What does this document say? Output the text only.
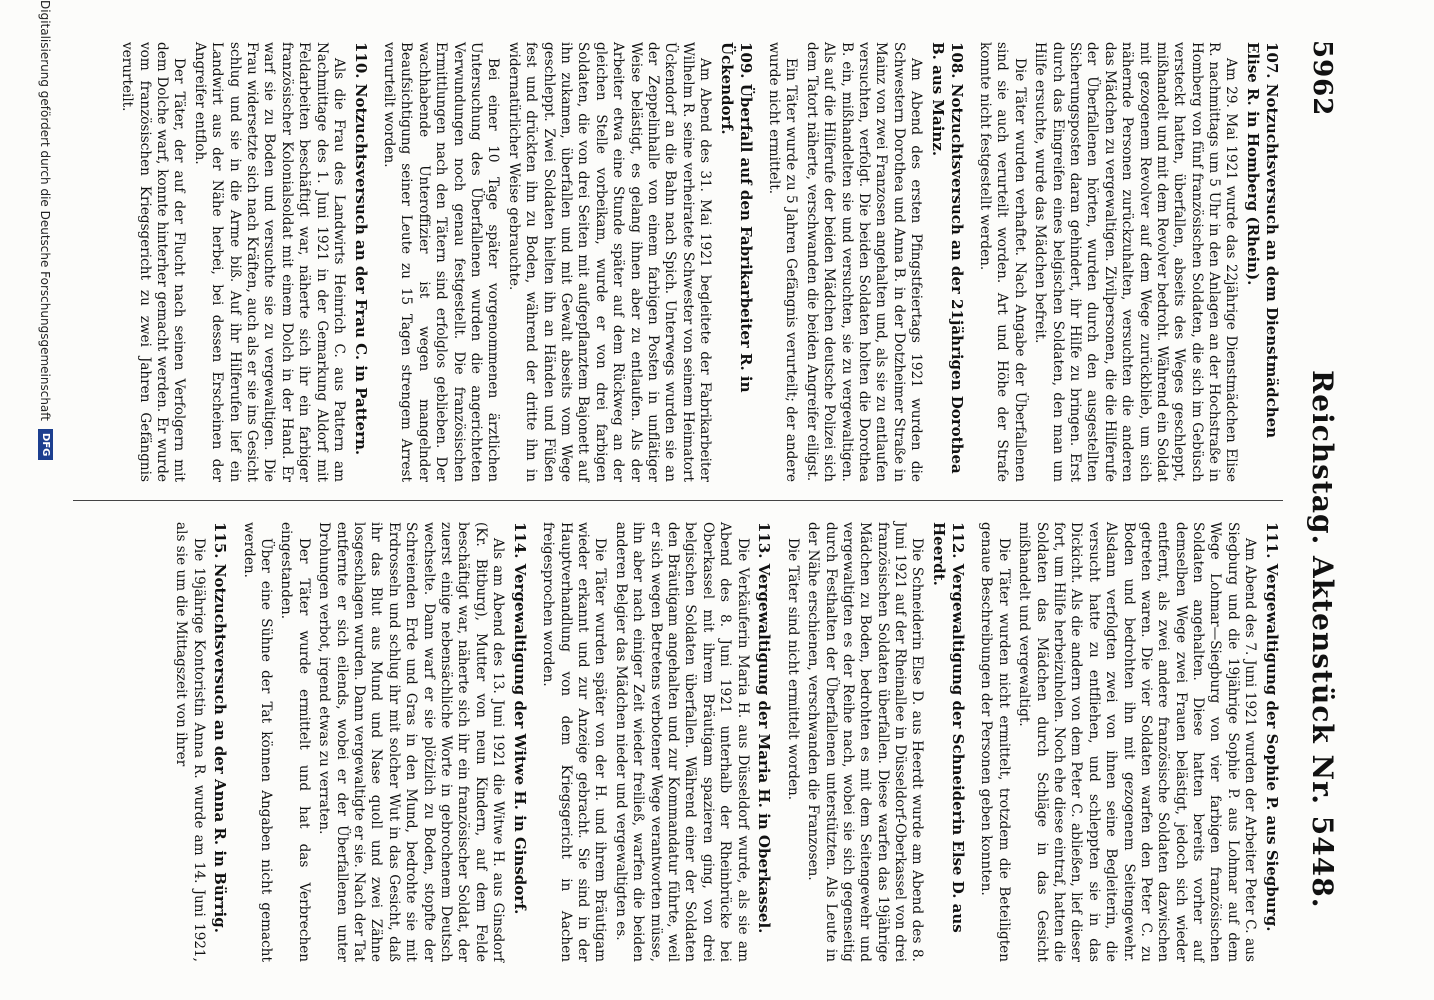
5962
Reichstag. Aktenstück Nr. 5448.
107. Notzuchtsversuch an dem Dienstmädchen Elise R. in Homberg (Rhein).

Am 29. Mai 1921 wurde das 22jährige Dienstmädchen Elise R. nachmittags um 5 Uhr in den Anlagen an der Hochstraße in Homberg von fünf französischen Soldaten, die sich im Gebüsch versteckt hatten, überfallen, abseits des Weges geschleppt, mißhandelt und mit dem Revolver bedroht. Während ein Soldat mit gezogenem Revolver auf dem Wege zurückblieb, um sich nähernde Personen zurückzuhalten, versuchten die anderen das Mädchen zu vergewaltigen. Zivilpersonen, die die Hilferufe der Überfallenen hörten, wurden durch den ausgestellten Sicherungsposten daran gehindert, ihr Hilfe zu bringen. Erst durch das Eingreifen eines belgischen Soldaten, den man um Hilfe ersuchte, wurde das Mädchen befreit.

Die Täter wurden verhaftet. Nach Angabe der Überfallenen sind sie auch verurteilt worden. Art und Höhe der Strafe konnte nicht festgestellt werden.

108. Notzuchtsversuch an der 21jährigen Dorothea B. aus Mainz.

Am Abend des ersten Pfingstfeiertags 1921 wurden die Schwestern Dorothea und Anna B. in der Dotzheimer Straße in Mainz von zwei Franzosen angehalten und, als sie zu entlaufen versuchten, verfolgt. Die beiden Soldaten holten die Dorothea B. ein, mißhandelten sie und versuchten, sie zu vergewaltigen. Als auf die Hilferufe der beiden Mädchen deutsche Polizei sich dem Tatort näherte, verschwanden die beiden Angreifer eiligst.

Ein Täter wurde zu 5 Jahren Gefängnis verurteilt; der andere wurde nicht ermittelt.

109. Überfall auf den Fabrikarbeiter R. in Ückendorf.

Am Abend des 31. Mai 1921 begleitete der Fabrikarbeiter Wilhelm R. seine verheiratete Schwester von seinem Heimatort Ückendorf an die Bahn nach Spich. Unterwegs wurden sie an der Zeppelinhalle von einem farbigen Posten in unflätiger Weise belästigt, es gelang ihnen aber zu entlaufen. Als der Arbeiter etwa eine Stunde später auf dem Rückweg an der gleichen Stelle vorbeikam, wurde er von drei farbigen Soldaten, die von drei Seiten mit aufgepflanztem Bajonett auf ihn zukamen, überfallen und mit Gewalt abseits vom Wege geschleppt. Zwei Soldaten hielten ihn an Händen und Füßen fest und drückten ihn zu Boden, während der dritte ihn in widernatürlicher Weise gebrauchte.

Bei einer 10 Tage später vorgenommenen ärztlichen Untersuchung des Überfallenen wurden die angerichteten Verwundungen noch genau festgestellt. Die französischen Ermittlungen nach den Tätern sind erfolglos geblieben. Der wachhabende Unteroffizier ist wegen mangelnder Beaufsichtigung seiner Leute zu 15 Tagen strengem Arrest verurteilt worden.

110. Notzuchtsversuch an der Frau C. in Pattern.

Als die Frau des Landwirts Heinrich C. aus Pattern am Nachmittage des 1. Juni 1921 in der Gemarkung Aldorf mit Feldarbeiten beschäftigt war, näherte sich ihr ein farbiger französischer Kolonialsoldat mit einem Dolch in der Hand. Er warf sie zu Boden und versuchte sie zu vergewaltigen. Die Frau widersetzte sich nach Kräften, auch als er sie ins Gesicht schlug und sie in die Arme biß. Auf ihr Hilferufen lief ein Landwirt aus der Nähe herbei, bei dessen Erscheinen der Angreifer entfloh.

Der Täter, der auf der Flucht nach seinen Verfolgern mit dem Dolche warf, konnte hinterher gemacht werden. Er wurde vom französischen Kriegsgericht zu zwei Jahren Gefängnis verurteilt.

111. Vergewaltigung der Sophie P. aus Siegburg.

Am Abend des 7. Juni 1921 wurden der Arbeiter Peter C. aus Siegburg und die 19jährige Sophie P. aus Lohmar auf dem Wege Lohmar—Siegburg von vier farbigen französischen Soldaten angehalten. Diese hatten bereits vorher auf demselben Wege zwei Frauen belästigt, jedoch sich wieder entfernt, als zwei andere französische Soldaten dazwischen getreten waren. Die vier Soldaten warfen den Peter C. zu Boden und bedrohten ihn mit gezogenem Seitengewehr. Alsdann verfolgten zwei von ihnen seine Begleiterin, die versucht hatte zu entfliehen, und schleppten sie in das Dickicht. Als die andern von dem Peter C. abließen, lief dieser fort, um Hilfe herbeizuholen. Noch ehe diese eintraf, hatten die Soldaten das Mädchen durch Schläge in das Gesicht mißhandelt und vergewaltigt.

Die Täter wurden nicht ermittelt, trotzdem die Beteiligten genaue Beschreibungen der Personen geben konnten.

112. Vergewaltigung der Schneiderin Else D. aus Heerdt.

Die Schneiderin Else D. aus Heerdt wurde am Abend des 8. Juni 1921 auf der Rheinallee in Düsseldorf-Oberkassel von drei französischen Soldaten überfallen. Diese warfen das 19jährige Mädchen zu Boden, bedrohten es mit dem Seitengewehr und vergewaltigten es der Reihe nach, wobei sie sich gegenseitig durch Festhalten der Überfallenen unterstützten. Als Leute in der Nähe erschienen, verschwanden die Franzosen.

Die Täter sind nicht ermittelt worden.

113. Vergewaltigung der Maria H. in Oberkassel.

Die Verkäuferin Maria H. aus Düsseldorf wurde, als sie am Abend des 8. Juni 1921 unterhalb der Rheinbrücke bei Oberkassel mit ihrem Bräutigam spazieren ging, von drei belgischen Soldaten überfallen. Während einer der Soldaten den Bräutigam angehalten und zur Kommandatur führte, weil er sich wegen Betretens verbotener Wege verantworten müsse, ihn aber nach einiger Zeit wieder freiließ, warfen die beiden anderen Belgier das Mädchen nieder und vergewaltigten es.

Die Täter wurden später von der H. und ihrem Bräutigam wieder erkannt und zur Anzeige gebracht. Sie sind in der Hauptverhandlung von dem Kriegsgericht in Aachen freigesprochen worden.

114. Vergewaltigung der Witwe H. in Ginsdorf.

Als am Abend des 13. Juni 1921 die Witwe H. aus Ginsdorf (Kr. Bitburg), Mutter von neun Kindern, auf dem Felde beschäftigt war, näherte sich ihr ein französischer Soldat, der zuerst einige nebensächliche Worte in gebrochenem Deutsch wechselte. Dann warf er sie plötzlich zu Boden, stopfte der Schreienden Erde und Gras in den Mund, bedrohte sie mit Erdrosseln und schlug ihr mit solcher Wut in das Gesicht, daß ihr das Blut aus Mund und Nase quoll und zwei Zähne losgeschlagen wurden. Dann vergewaltigte er sie. Nach der Tat entfernte er sich eilends, wobei er der Überfallenen unter Drohungen verbot, irgend etwas zu verraten.

Der Täter wurde ermittelt und hat das Verbrechen eingestanden.

Über eine Sühne der Tat können Angaben nicht gemacht werden.

115. Notzuchtsversuch an der Anna R. in Bürrig.

Die 19jährige Kontoristin Anna R. wurde am 14. Juni 1921, als sie um die Mittagszeit von ihrer

Digitalisierung gefördert durch die Deutsche Forschungsgemeinschaft
DFG
